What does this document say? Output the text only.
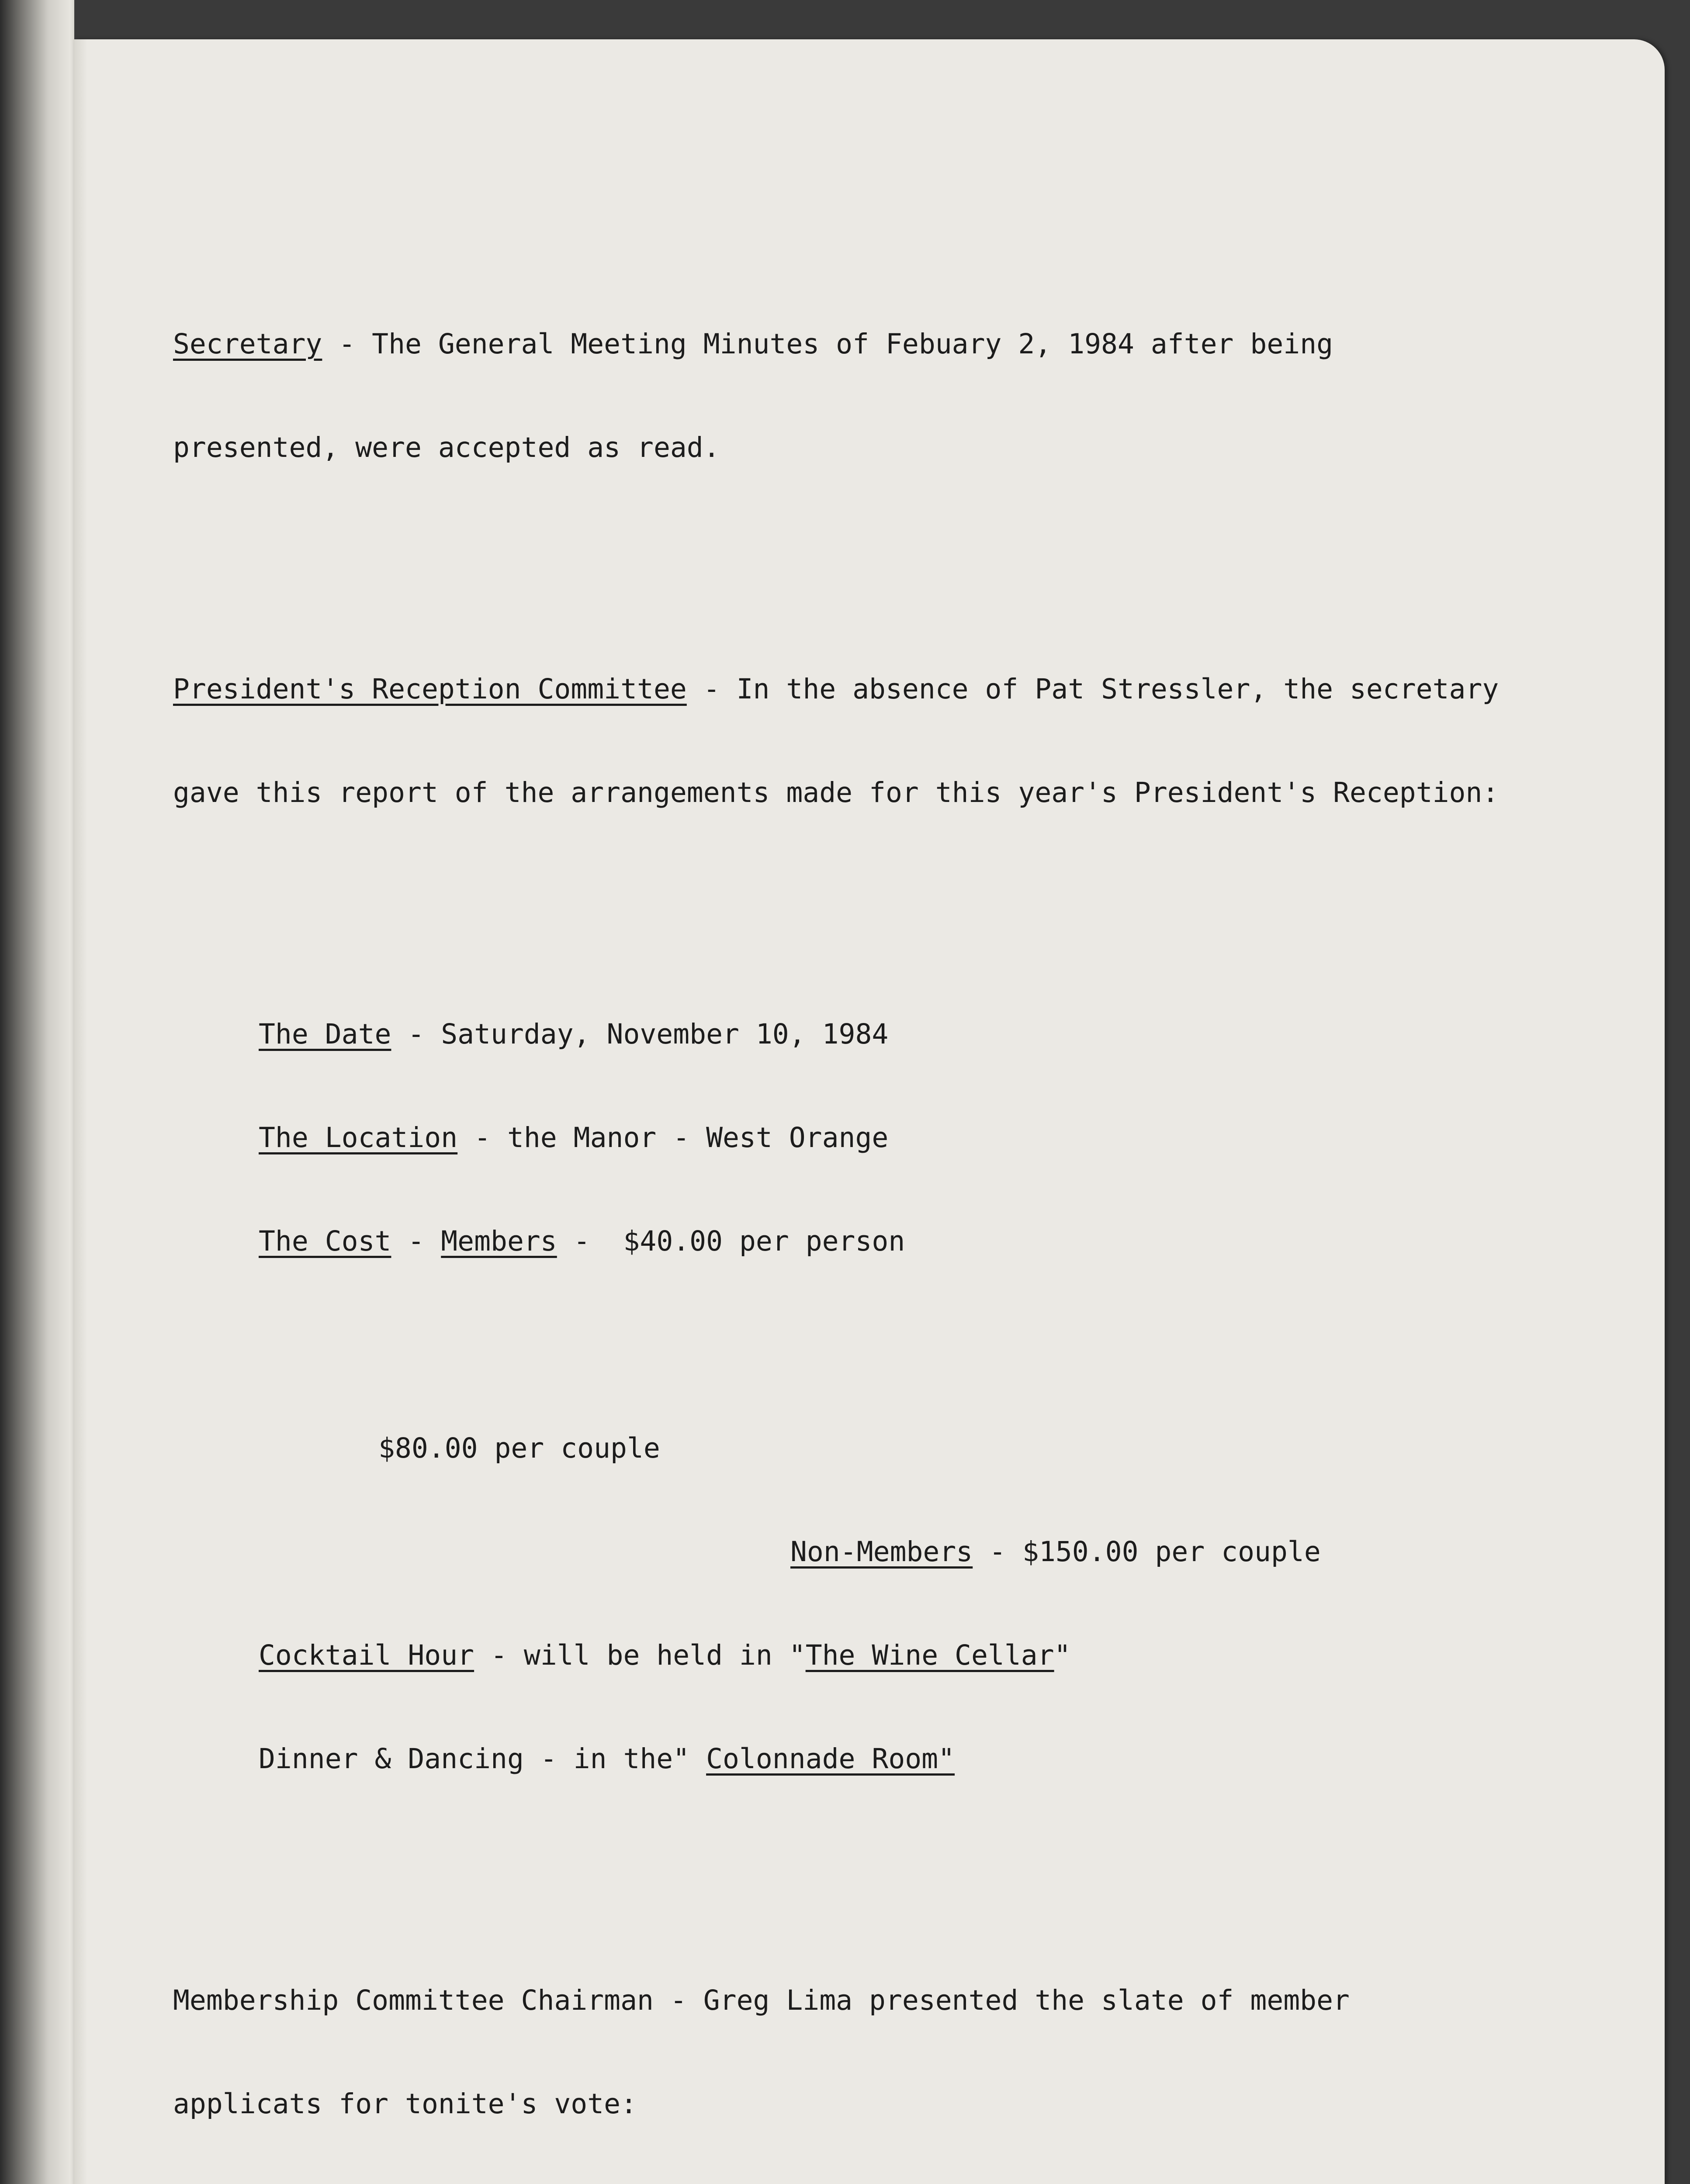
Secretary - The General Meeting Minutes of Febuary 2, 1984 after being

presented, were accepted as read.

President's Reception Committee - In the absence of Pat Stressler, the secretary

gave this report of the arrangements made for this year's President's Reception:

The Date - Saturday, November 10, 1984

The Location - the Manor - West Orange

The Cost - Members -  $40.00 per person

$80.00 per couple

Non-Members - $150.00 per couple

Cocktail Hour - will be held in "The Wine Cellar"

Dinner & Dancing - in the" Colonnade Room"

Membership Committee Chairman - Greg Lima presented the slate of member

applicats for tonite's vote:
